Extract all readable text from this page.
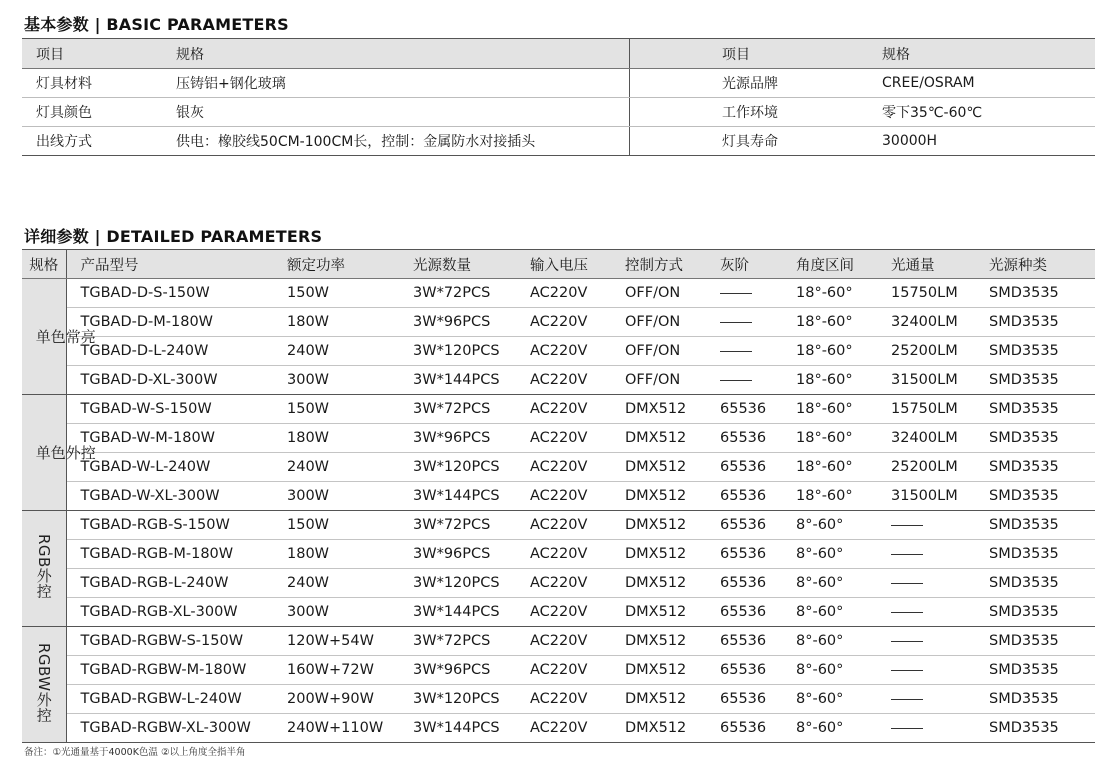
基本参数 | BASIC PARAMETERS
项目	规格	项目	规格
灯具材料	压铸铝+钢化玻璃	光源品牌	CREE/OSRAM
灯具颜色	银灰	工作环境	零下35℃-60℃
出线方式	供电：橡胶线50CM-100CM长，控制：金属防水对接插头	灯具寿命	30000H
详细参数 | DETAILED PARAMETERS
规格	产品型号	额定功率	光源数量	输入电压	控制方式	灰阶	角度区间	光通量	光源种类
单色常亮	TGBAD-D-S-150W	150W	3W*72PCS	AC220V	OFF/ON		18°-60°	15750LM	SMD3535
	TGBAD-D-M-180W	180W	3W*96PCS	AC220V	OFF/ON		18°-60°	32400LM	SMD3535
	TGBAD-D-L-240W	240W	3W*120PCS	AC220V	OFF/ON		18°-60°	25200LM	SMD3535
	TGBAD-D-XL-300W	300W	3W*144PCS	AC220V	OFF/ON		18°-60°	31500LM	SMD3535
单色外控	TGBAD-W-S-150W	150W	3W*72PCS	AC220V	DMX512	65536	18°-60°	15750LM	SMD3535
	TGBAD-W-M-180W	180W	3W*96PCS	AC220V	DMX512	65536	18°-60°	32400LM	SMD3535
	TGBAD-W-L-240W	240W	3W*120PCS	AC220V	DMX512	65536	18°-60°	25200LM	SMD3535
	TGBAD-W-XL-300W	300W	3W*144PCS	AC220V	DMX512	65536	18°-60°	31500LM	SMD3535
RGB外控	TGBAD-RGB-S-150W	150W	3W*72PCS	AC220V	DMX512	65536	8°-60°		SMD3535
	TGBAD-RGB-M-180W	180W	3W*96PCS	AC220V	DMX512	65536	8°-60°		SMD3535
	TGBAD-RGB-L-240W	240W	3W*120PCS	AC220V	DMX512	65536	8°-60°		SMD3535
	TGBAD-RGB-XL-300W	300W	3W*144PCS	AC220V	DMX512	65536	8°-60°		SMD3535
RGBW外控	TGBAD-RGBW-S-150W	120W+54W	3W*72PCS	AC220V	DMX512	65536	8°-60°		SMD3535
	TGBAD-RGBW-M-180W	160W+72W	3W*96PCS	AC220V	DMX512	65536	8°-60°		SMD3535
	TGBAD-RGBW-L-240W	200W+90W	3W*120PCS	AC220V	DMX512	65536	8°-60°		SMD3535
	TGBAD-RGBW-XL-300W	240W+110W	3W*144PCS	AC220V	DMX512	65536	8°-60°		SMD3535
备注：①光通量基于4000K色温 ②以上角度全指半角
